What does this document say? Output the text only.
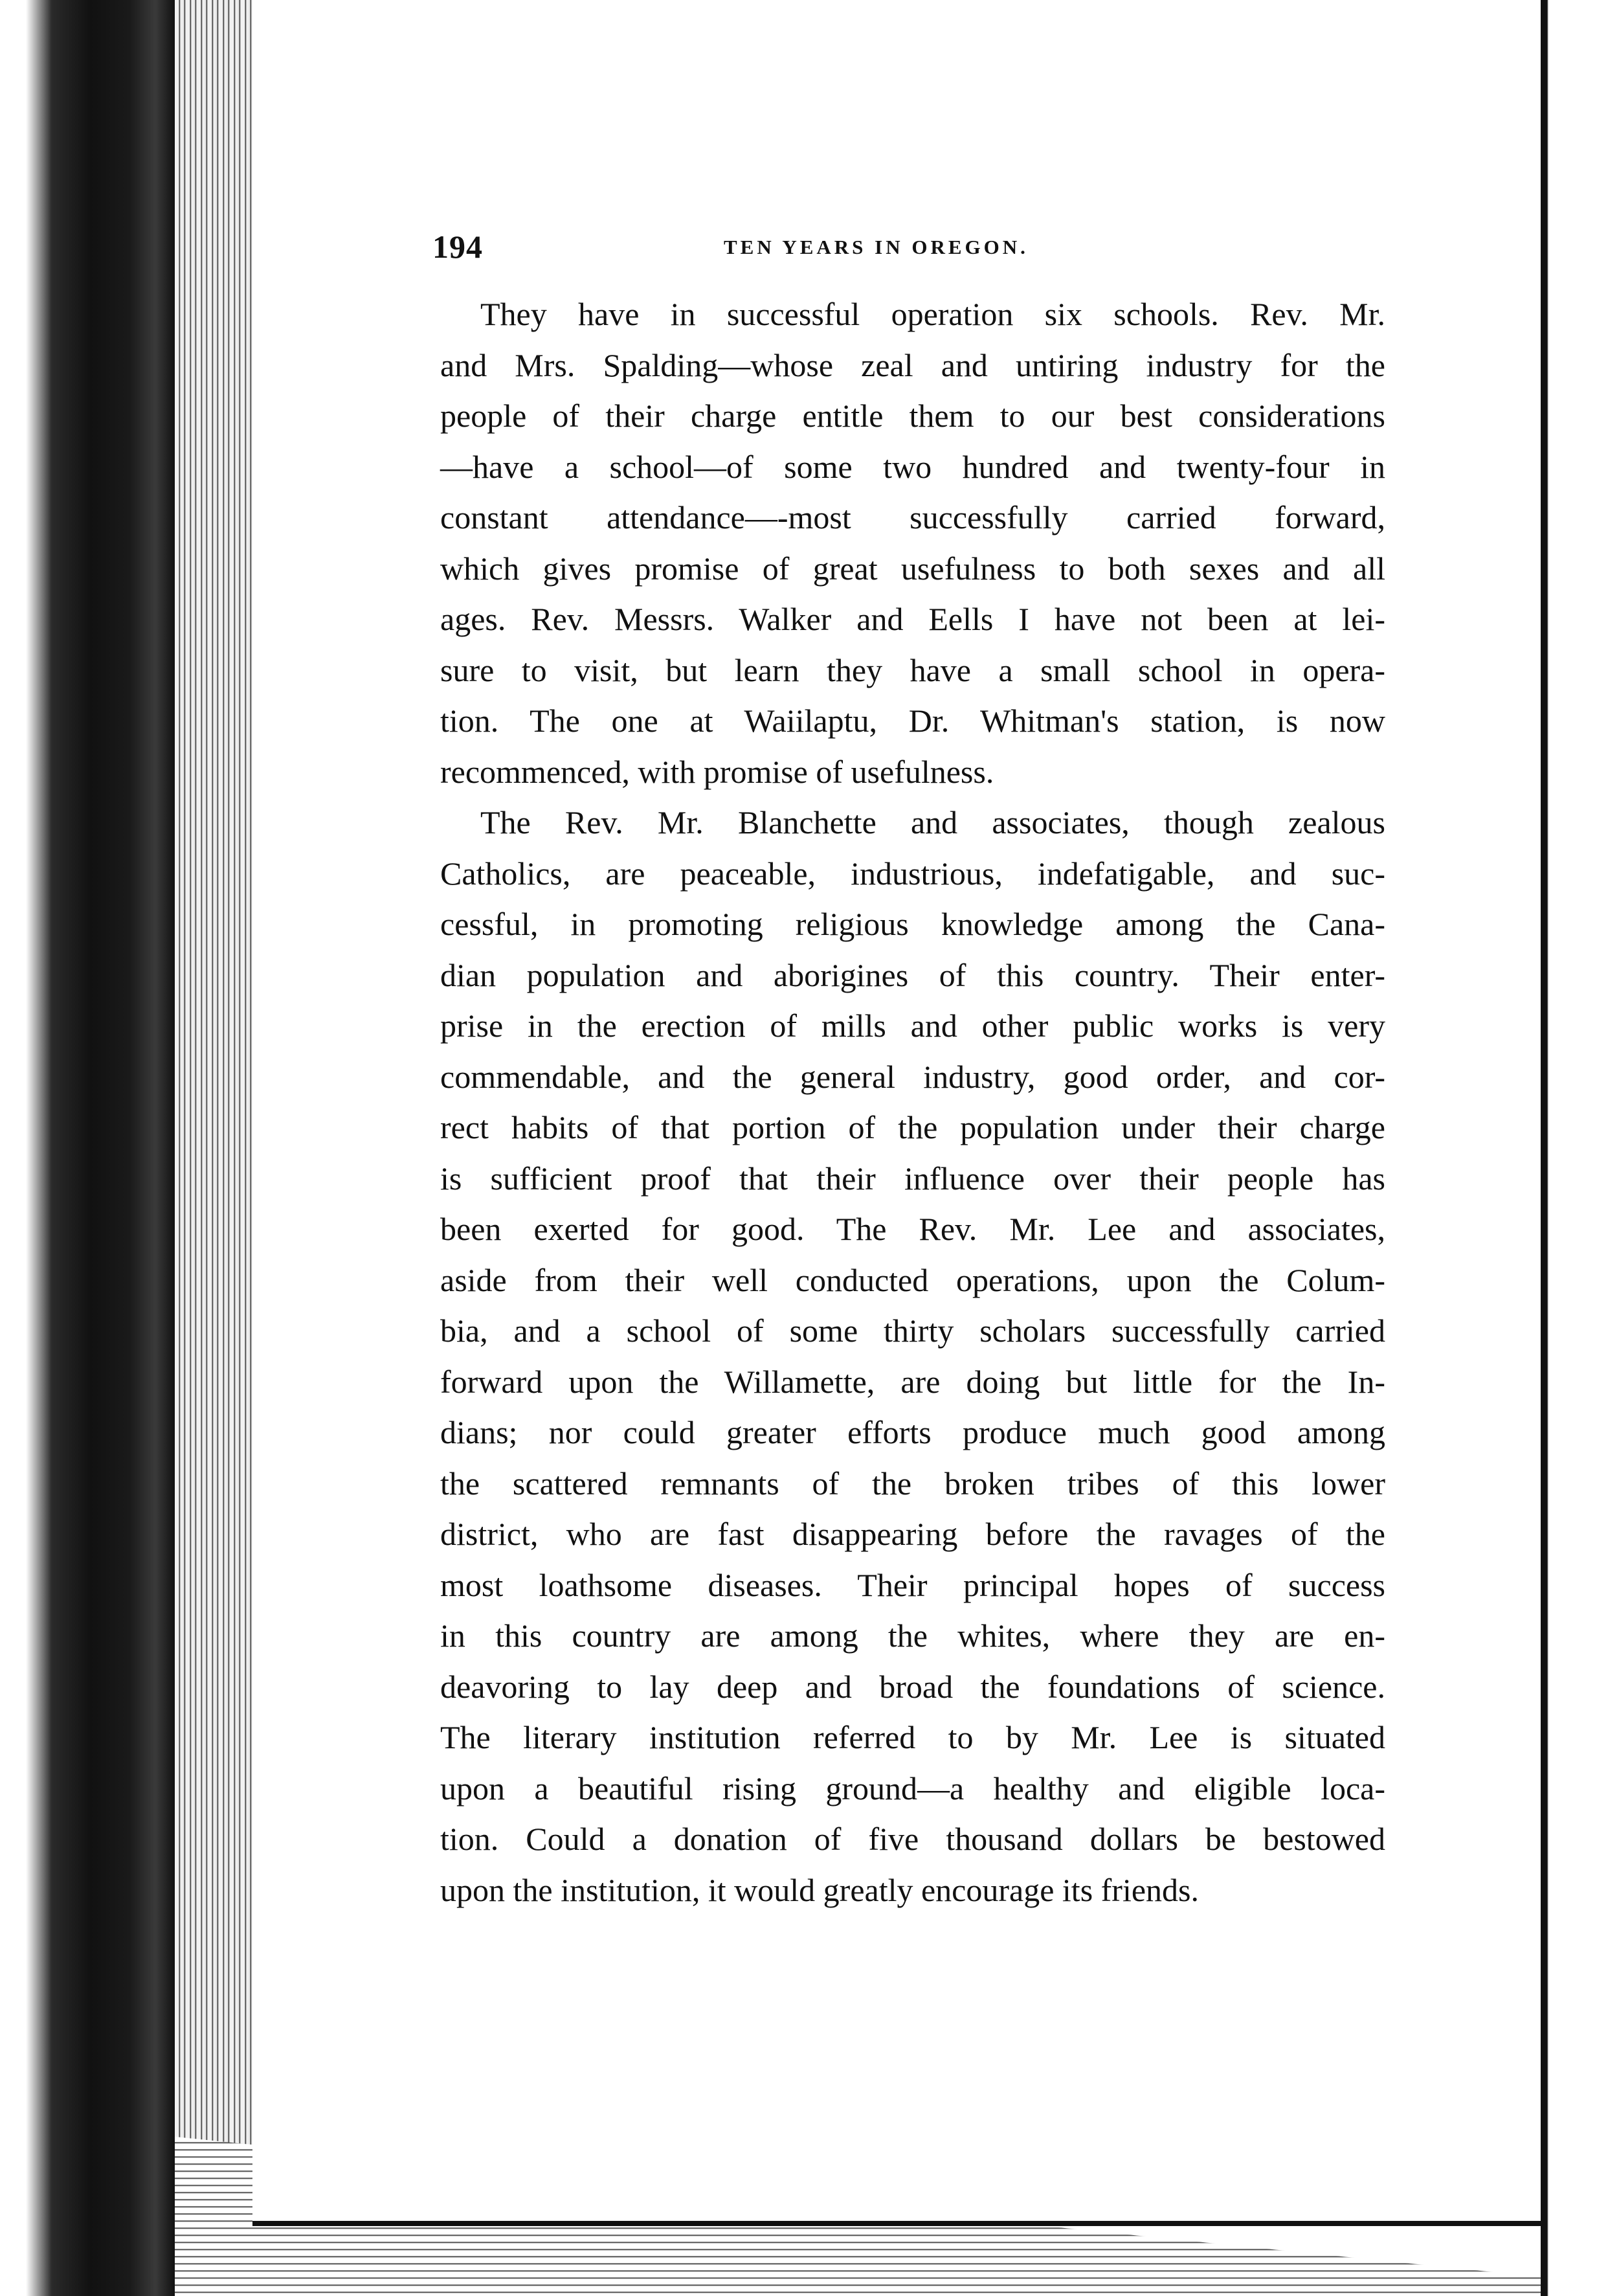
194	TEN YEARS IN OREGON.

They have in successful operation six schools. Rev. Mr.

and Mrs. Spalding—whose zeal and untiring industry for the

people of their charge entitle them to our best considerations

—have a school—of some two hundred and twenty-four in

constant attendance—-most successfully carried forward,

which gives promise of great usefulness to both sexes and all

ages. Rev. Messrs. Walker and Eells I have not been at lei-

sure to visit, but learn they have a small school in opera-

tion. The one at Waiilaptu, Dr. Whitman's station, is now

recommenced, with promise of usefulness.

The Rev. Mr. Blanchette and associates, though zealous

Catholics, are peaceable, industrious, indefatigable, and suc-

cessful, in promoting religious knowledge among the Cana-

dian population and aborigines of this country. Their enter-

prise in the erection of mills and other public works is very

commendable, and the general industry, good order, and cor-

rect habits of that portion of the population under their charge

is sufficient proof that their influence over their people has

been exerted for good. The Rev. Mr. Lee and associates,

aside from their well conducted operations, upon the Colum-

bia, and a school of some thirty scholars successfully carried

forward upon the Willamette, are doing but little for the In-

dians; nor could greater efforts produce much good among

the scattered remnants of the broken tribes of this lower

district, who are fast disappearing before the ravages of the

most loathsome diseases. Their principal hopes of success

in this country are among the whites, where they are en-

deavoring to lay deep and broad the foundations of science.

The literary institution referred to by Mr. Lee is situated

upon a beautiful rising ground—a healthy and eligible loca-

tion. Could a donation of five thousand dollars be bestowed

upon the institution, it would greatly encourage its friends.
